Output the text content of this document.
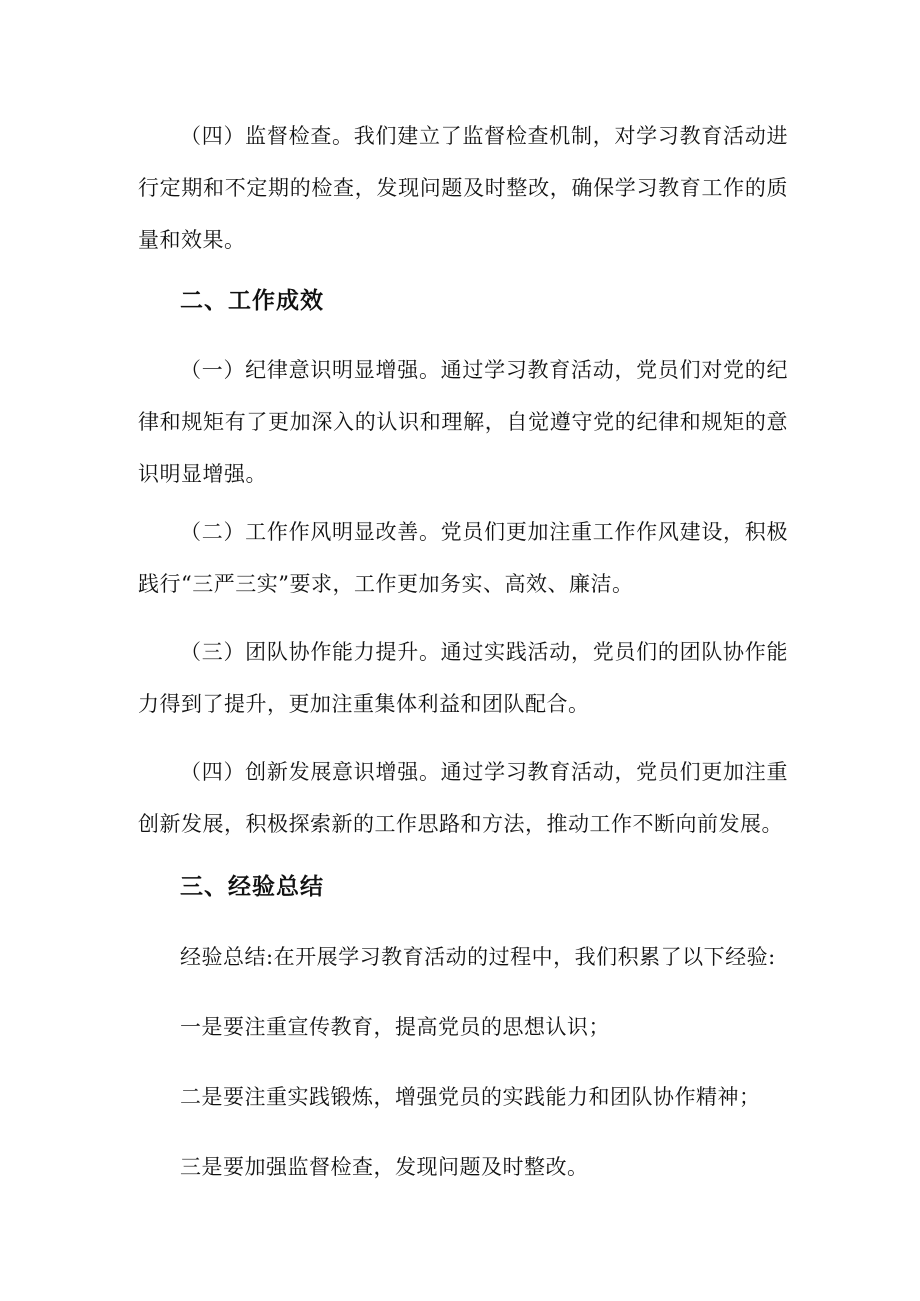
（四）监督检查。我们建立了监督检查机制，对学习教育活动进行定期和不定期的检查，发现问题及时整改，确保学习教育工作的质量和效果。

二、工作成效

（一）纪律意识明显增强。通过学习教育活动，党员们对党的纪律和规矩有了更加深入的认识和理解，自觉遵守党的纪律和规矩的意识明显增强。

（二）工作作风明显改善。党员们更加注重工作作风建设，积极践行“三严三实”要求，工作更加务实、高效、廉洁。

（三）团队协作能力提升。通过实践活动，党员们的团队协作能力得到了提升，更加注重集体利益和团队配合。

（四）创新发展意识增强。通过学习教育活动，党员们更加注重创新发展，积极探索新的工作思路和方法，推动工作不断向前发展。

三、经验总结

经验总结:在开展学习教育活动的过程中，我们积累了以下经验:

一是要注重宣传教育，提高党员的思想认识；

二是要注重实践锻炼，增强党员的实践能力和团队协作精神；

三是要加强监督检查，发现问题及时整改。
